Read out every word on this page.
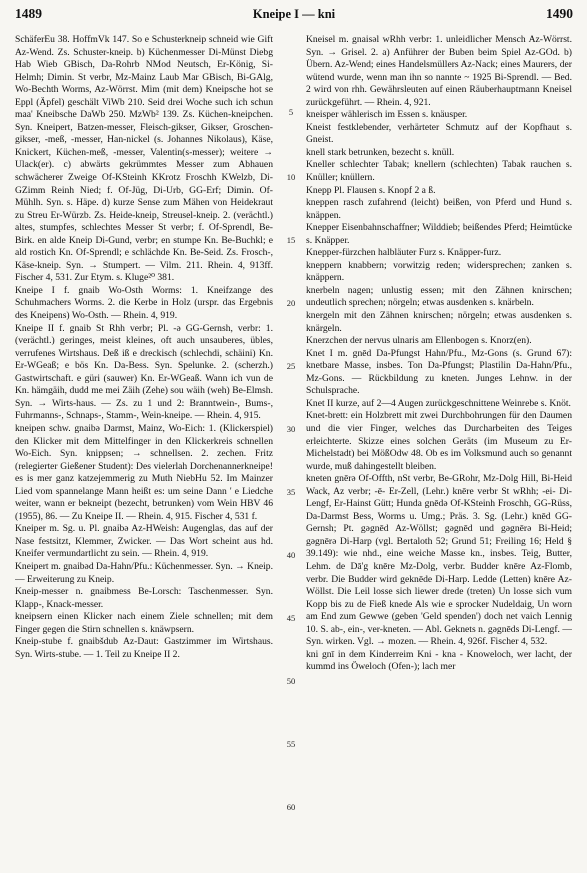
1489	Kneipe I — kni	1490
SchäferEu 38. HoffmVk 147. So e Schusterkneip schneid wie Gift Az-Wend. Zs. Schuster-kneip. b) Küchenmesser Di-Münst Diebg Hab Wieb GBisch, Da-Rohrb NMod Neutsch, Er-König, Si-Helmh; Dimin. St verbr, Mz-Mainz Laub Mar GBisch, Bi-GAlg, Wo-Bechth Worms, Az-Wörrst. Mim (mit dem) Kneipsche hot se Eppl (Äpfel) geschält ViWb 210. Seid drei Woche such ich schun maa' Kneibsche DaWb 250. MzWb² 139. Zs. Küchen-kneipchen. Syn. Kneipert, Batzen-messer, Fleisch-gikser, Gikser, Groschen-gikser, -meß, -messer, Han-nickel (s. Johannes Nikolaus), Käse, Knickert, Küchen-meß, -messer, Valentin(s-messer); weitere → Ulack(er). c) abwärts gekrümmtes Messer zum Abhauen schwächerer Zweige Of-KSteinh KKrotz Froschh KWelzb, Di-GZimm Reinh Nied; f. Of-Jüg, Di-Urb, GG-Erf; Dimin. Of-Mühlh. Syn. s. Häpe. d) kurze Sense zum Mähen von Heidekraut zu Streu Er-Würzb. Zs. Heide-kneip, Streusel-kneip. 2. (verächtl.) altes, stumpfes, schlechtes Messer St verbr; f. Of-Sprendl, Be-Birk. en alde Kneip Di-Gund, verbr; en stumpe Kn. Be-Buchkl; e ald rostich Kn. Of-Sprendl; e schlächde Kn. Be-Seid. Zs. Frosch-, Käse-kneip. Syn. → Stumpert. — Vilm. 211. Rhein. 4, 913ff. Fischer 4, 531. Zur Etym. s. Kluge²⁰ 381.
Kneipe I f. gnaib Wo-Osth Worms: 1. Kneifzange des Schuhmachers Worms. 2. die Kerbe in Holz (urspr. das Ergebnis des Kneipens) Wo-Osth. — Rhein. 4, 919.
Kneipe II f. gnaib St Rhh verbr; Pl. -ə GG-Gernsh, verbr: 1. (verächtl.) geringes, meist kleines, oft auch unsauberes, übles, verrufenes Wirtshaus. Deß iß e dreckisch (schlechdi, schäini) Kn. Er-WGeaß; e bös Kn. Da-Bess. Syn. Spelunke. 2. (scherzh.) Gastwirtschaft. e güri (sauwer) Kn. Er-WGeaß. Wann ich vun de Kn. hämgäih, dudd me mei Zäih (Zehe) sou wäih (weh) Be-Elmsh. Syn. → Wirts-haus. — Zs. zu 1 und 2: Branntwein-, Bums-, Fuhrmanns-, Schnaps-, Stamm-, Wein-kneipe. — Rhein. 4, 915.
kneipen schw. gnaibə Darmst, Mainz, Wo-Eich: 1. (Klickerspiel) den Klicker mit dem Mittelfinger in den Klickerkreis schnellen Wo-Eich. Syn. knippsen; → schnellsen. 2. zechen. Fritz (relegierter Gießener Student): Des vielerlah Dorchenannerkneipe! es is mer ganz katzejemmerig zu Muth NiebHu 52. Im Mainzer Lied vom spannelange Mann heißt es: um seine Dann ' e Liedche weiter, wann er bekneipt (bezecht, betrunken) vom Wein HBV 46 (1955), 86. — Zu Kneipe II. — Rhein. 4, 915. Fischer 4, 531 f.
Kneiper m. Sg. u. Pl. gnaibə Az-HWeish: Augenglas, das auf der Nase festsitzt, Klemmer, Zwicker. — Das Wort scheint aus hd. Kneifer vermundartlicht zu sein. — Rhein. 4, 919.
Kneipert m. gnaibəd Da-Hahn/Pfu.: Küchenmesser. Syn. → Kneip. — Erweiterung zu Kneip.
Kneip-messer n. gnaibmess Be-Lorsch: Taschenmesser. Syn. Klapp-, Knack-messer.
kneipsern einen Klicker nach einem Ziele schnellen; mit dem Finger gegen die Stirn schnellen s. knäwpsern.
Kneip-stube f. gnaibšdub Az-Daut: Gastzimmer im Wirtshaus. Syn. Wirts-stube. — 1. Teil zu Kneipe II 2.
5
10
15
20
25
30
35
40
45
50
55
60
Kneisel m. gnaisəl wRhh verbr: 1. unleidlicher Mensch Az-Wörrst. Syn. → Grisel. 2. a) Anführer der Buben beim Spiel Az-GOd. b) Übern. Az-Wend; eines Handelsmüllers Az-Nack; eines Maurers, der wütend wurde, wenn man ihn so nannte ~ 1925 Bi-Sprendl. — Bed. 2 wird von rhh. Gewährsleuten auf einen Räuberhauptmann Kneisel zurückgeführt. — Rhein. 4, 921.
kneisper wählerisch im Essen s. knäusper.
Kneist festklebender, verhärteter Schmutz auf der Kopfhaut s. Gneist.
knell stark betrunken, bezecht s. knüll.
Kneller schlechter Tabak; knellern (schlechten) Tabak rauchen s. Knüller; knüllern.
Knepp Pl. Flausen s. Knopf 2 a ß.
kneppen rasch zufahrend (leicht) beißen, von Pferd und Hund s. knäppen.
Knepper Eisenbahnschaffner; Wilddieb; beißendes Pferd; Heimtücke s. Knäpper.
Knepper-fürzchen halbläuter Furz s. Knäpper-furz.
kneppern knabbern; vorwitzig reden; widersprechen; zanken s. knäppern.
knerbeln nagen; unlustig essen; mit den Zähnen knirschen; undeutlich sprechen; nörgeln; etwas ausdenken s. knärbeln.
knergeln mit den Zähnen knirschen; nörgeln; etwas ausdenken s. knärgeln.
Knerzchen der nervus ulnaris am Ellenbogen s. Knorz(en).
Knet I m. gnēd Da-Pfungst Hahn/Pfu., Mz-Gons (s. Grund 67): knetbare Masse, insbes. Ton Da-Pfungst; Plastilin Da-Hahn/Pfu., Mz-Gons. — Rückbildung zu kneten. Junges Lehnw. in der Schulsprache.
Knet II kurze, auf 2—4 Augen zurückgeschnittene Weinrebe s. Knöt.
Knet-brett: ein Holzbrett mit zwei Durchbohrungen für den Daumen und die vier Finger, welches das Durcharbeiten des Teiges erleichterte. Skizze eines solchen Geräts (im Museum zu Er-Michelstadt) bei MößOdw 48. Ob es im Volksmund auch so genannt wurde, muß dahingestellt bleiben.
kneten gnērə Of-Offth, nSt verbr, Be-GRohr, Mz-Dolg Hill, Bi-Heid Wack, Az verbr; -ē- Er-Zell, (Lehr.) knēre verbr St wRhh; -ei- Di-Lengf, Er-Hainst Gütt; Hunda gnēdə Of-KSteinh Froschh, GG-Rüss, Da-Darmst Bess, Worms u. Umg.; Präs. 3. Sg. (Lehr.) knēd GG-Gernsh; Pt. gəgnēd Az-Wöllst; gəgnēd und gəgnērə Bi-Heid; gəgnērə Di-Harp (vgl. Bertaloth 52; Grund 51; Freiling 16; Held § 39.149): wie nhd., eine weiche Masse kn., insbes. Teig, Butter, Lehm. de Dā'g knēre Mz-Dolg, verbr. Budder knēre Az-Flomb, verbr. Die Budder wird geknēde Di-Harp. Ledde (Letten) knēre Az-Wöllst. Die Leil losse sich liewer drede (treten) Un losse sich vum Kopp bis zu de Fieß knede Als wie e sprocker Nudeldaig, Un worn am End zum Gewwe (geben 'Geld spenden') doch net vaich Lennig 10. S. ab-, ein-, ver-kneten. — Abl. Geknets n. gəgnēds Di-Lengf. — Syn. wirken. Vgl. → mozen. — Rhein. 4, 926f. Fischer 4, 532.
kni gnī in dem Kinderreim Kni - kna - Knoweloch, wer lacht, der kummd ins Öweloch (Ofen-); lach mer
